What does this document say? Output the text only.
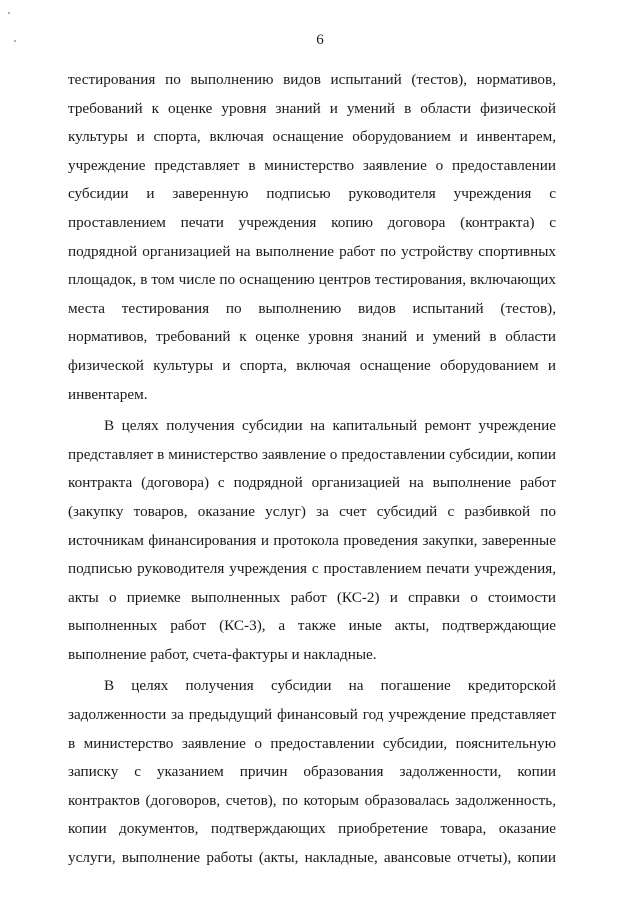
6
тестирования по выполнению видов испытаний (тестов), нормативов,
требований к оценке уровня знаний и умений в области физической
культуры и спорта, включая оснащение оборудованием и инвентарем,
учреждение представляет в министерство заявление о предоставлении
субсидии и заверенную подписью руководителя учреждения с
проставлением печати учреждения копию договора (контракта) с
подрядной организацией на выполнение работ по устройству спортивных
площадок, в том числе по оснащению центров тестирования, включающих
места тестирования по выполнению видов испытаний (тестов),
нормативов, требований к оценке уровня знаний и умений в области
физической культуры и спорта, включая оснащение оборудованием и
инвентарем.
В целях получения субсидии на капитальный ремонт учреждение
представляет в министерство заявление о предоставлении субсидии, копии
контракта (договора) с подрядной организацией на выполнение работ
(закупку товаров, оказание услуг) за счет субсидий с разбивкой по
источникам финансирования и протокола проведения закупки, заверенные
подписью руководителя учреждения с проставлением печати учреждения,
акты о приемке выполненных работ (КС-2) и справки о стоимости
выполненных работ (КС-3), а также иные акты, подтверждающие
выполнение работ, счета-фактуры и накладные.
В целях получения субсидии на погашение кредиторской
задолженности за предыдущий финансовый год учреждение представляет
в министерство заявление о предоставлении субсидии, пояснительную
записку с указанием причин образования задолженности, копии
контрактов (договоров, счетов), по которым образовалась задолженность,
копии документов, подтверждающих приобретение товара, оказание
услуги, выполнение работы (акты, накладные, авансовые отчеты), копии
